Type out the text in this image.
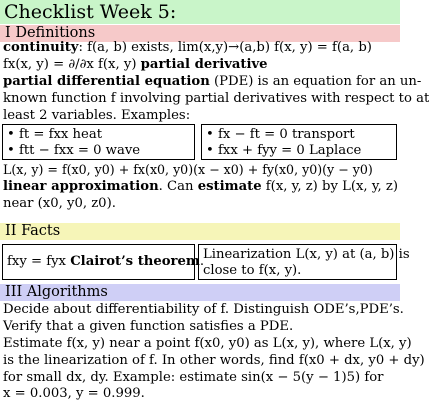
Checklist Week 5:
I Definitions
continuity: f(a, b) exists, lim(x,y)→(a,b) f(x, y) = f(a, b)
fx(x, y) = ∂/∂x f(x, y) partial derivative
partial differential equation (PDE) is an equation for an un-
known function f involving partial derivatives with respect to at
least 2 variables. Examples:
• ft = fxx heat
• ftt − fxx = 0 wave
• fx − ft = 0 transport
• fxx + fyy = 0 Laplace
L(x, y) = f(x0, y0) + fx(x0, y0)(x − x0) + fy(x0, y0)(y − y0)
linear approximation. Can estimate f(x, y, z) by L(x, y, z)
near (x0, y0, z0).
II Facts
fxy = fyx Clairot’s theorem.
Linearization L(x, y) at (a, b) is
close to f(x, y).
III Algorithms
Decide about differentiability of f. Distinguish ODE’s,PDE’s.
Verify that a given function satisfies a PDE.
Estimate f(x, y) near a point f(x0, y0) as L(x, y), where L(x, y)
is the linearization of f. In other words, find f(x0 + dx, y0 + dy)
for small dx, dy. Example: estimate sin(x − 5(y − 1)5) for
x = 0.003, y = 0.999.
